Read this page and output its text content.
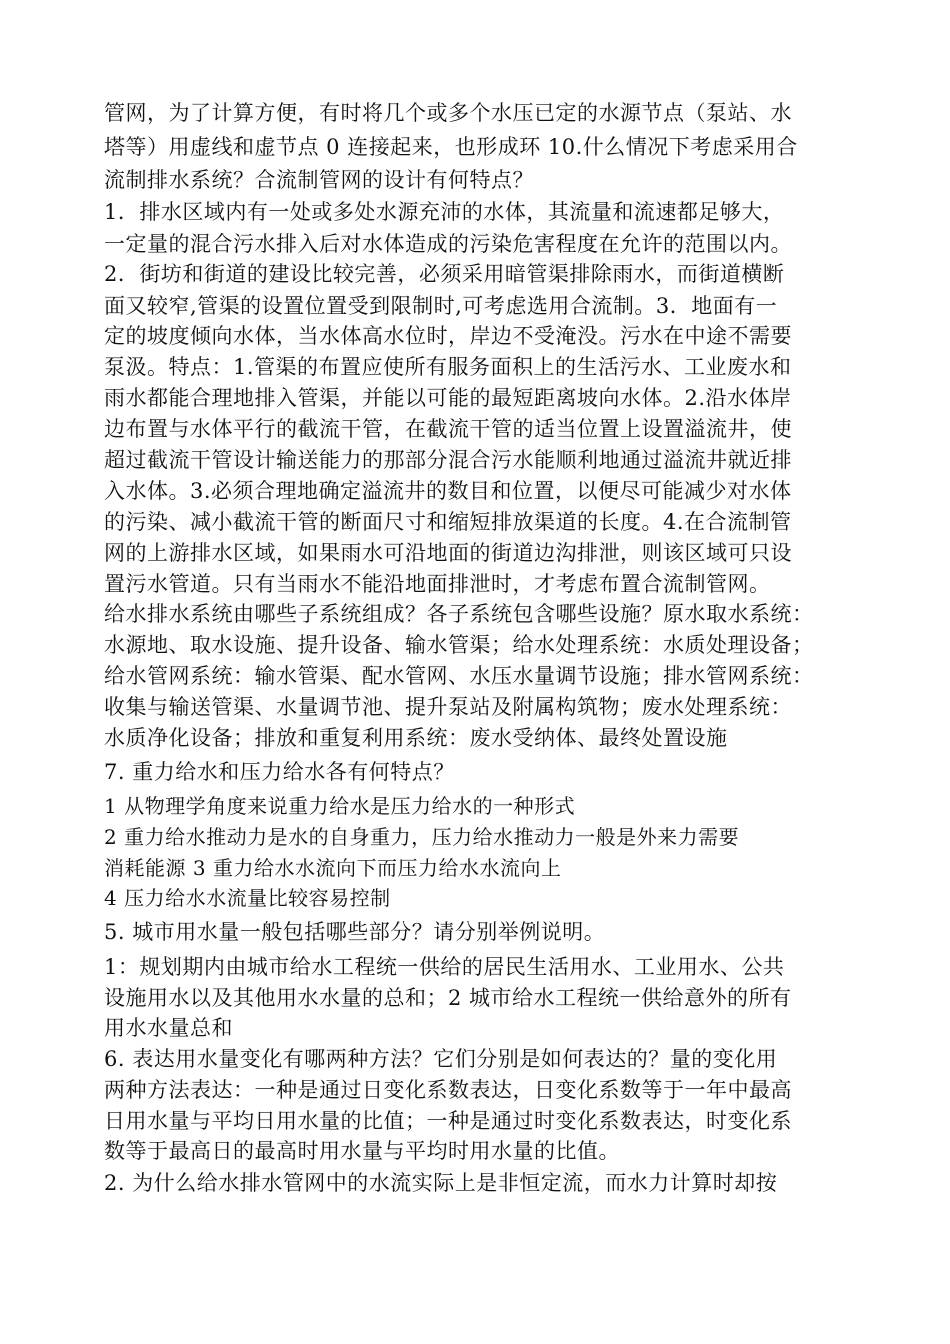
管网，为了计算方便，有时将几个或多个水压已定的水源节点（泵站、水
塔等）用虚线和虚节点 0 连接起来，也形成环 10.什么情况下考虑采用合
流制排水系统？合流制管网的设计有何特点？
1．排水区域内有一处或多处水源充沛的水体，其流量和流速都足够大，
一定量的混合污水排入后对水体造成的污染危害程度在允许的范围以内。
2．街坊和街道的建设比较完善，必须采用暗管渠排除雨水，而街道横断
面又较窄,管渠的设置位置受到限制时,可考虑选用合流制。3．地面有一
定的坡度倾向水体，当水体高水位时，岸边不受淹没。污水在中途不需要
泵汲。特点：1.管渠的布置应使所有服务面积上的生活污水、工业废水和
雨水都能合理地排入管渠，并能以可能的最短距离坡向水体。2.沿水体岸
边布置与水体平行的截流干管，在截流干管的适当位置上设置溢流井，使
超过截流干管设计输送能力的那部分混合污水能顺利地通过溢流井就近排
入水体。3.必须合理地确定溢流井的数目和位置，以便尽可能减少对水体
的污染、减小截流干管的断面尺寸和缩短排放渠道的长度。4.在合流制管
网的上游排水区域，如果雨水可沿地面的街道边沟排泄，则该区域可只设
置污水管道。只有当雨水不能沿地面排泄时，才考虑布置合流制管网。
给水排水系统由哪些子系统组成？各子系统包含哪些设施？原水取水系统：
水源地、取水设施、提升设备、输水管渠；给水处理系统：水质处理设备；
给水管网系统：输水管渠、配水管网、水压水量调节设施；排水管网系统：
收集与输送管渠、水量调节池、提升泵站及附属构筑物；废水处理系统：
水质净化设备；排放和重复利用系统：废水受纳体、最终处置设施
7. 重力给水和压力给水各有何特点？
1 从物理学角度来说重力给水是压力给水的一种形式
2 重力给水推动力是水的自身重力，压力给水推动力一般是外来力需要
消耗能源 3 重力给水水流向下而压力给水水流向上
4 压力给水水流量比较容易控制
5. 城市用水量一般包括哪些部分？请分别举例说明。
1：规划期内由城市给水工程统一供给的居民生活用水、工业用水、公共
设施用水以及其他用水水量的总和；2 城市给水工程统一供给意外的所有
用水水量总和
6. 表达用水量变化有哪两种方法？它们分别是如何表达的？量的变化用
两种方法表达：一种是通过日变化系数表达，日变化系数等于一年中最高
日用水量与平均日用水量的比值；一种是通过时变化系数表达，时变化系
数等于最高日的最高时用水量与平均时用水量的比值。
2. 为什么给水排水管网中的水流实际上是非恒定流，而水力计算时却按
